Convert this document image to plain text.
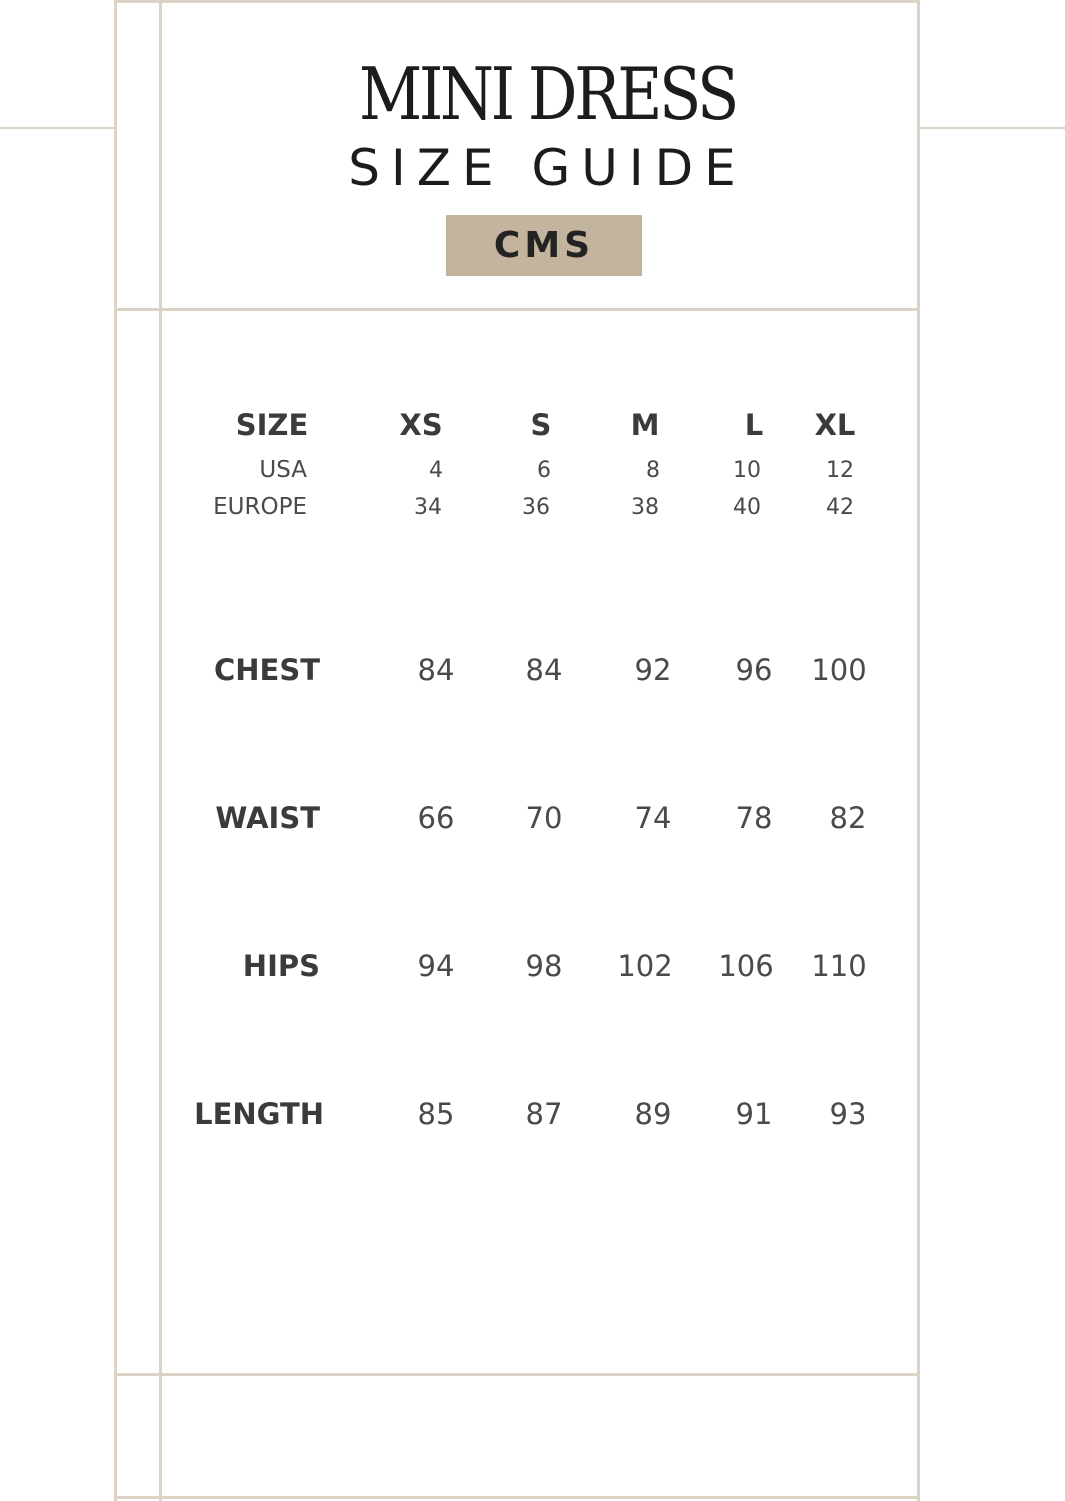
MINI DRESS
SIZE GUIDE
CMS
SIZE	XS	S	M	L XL
USA	4	6	8	10	12
EUROPE	34	36	38	40	42
CHEST	84 84 92 96 100
WAIST	66 70 74 78 82
HIPS	94 98 102 106 110
LENGTH	85 87 89 91 93
